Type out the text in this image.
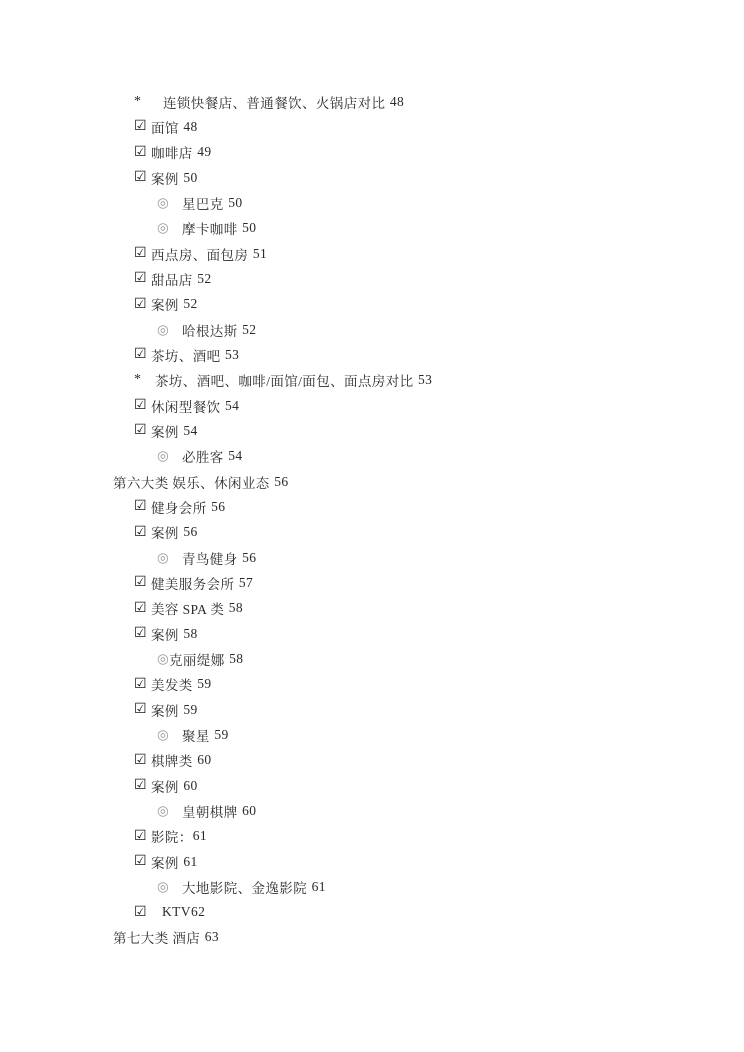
*	连锁快餐店、普通餐饮、火锅店对比 48
☑ 面馆 48
☑ 咖啡店 49
☑ 案例 50
◎ 星巴克 50
◎ 摩卡咖啡 50
☑ 西点房、面包房 51
☑ 甜品店 52
☑ 案例 52
◎ 哈根达斯 52
☑ 茶坊、酒吧 53
*	茶坊、酒吧、咖啡/面馆/面包、面点房对比 53
☑ 休闲型餐饮 54
☑ 案例 54
◎ 必胜客 54
第六大类 娱乐、休闲业态 56
☑ 健身会所 56
☑ 案例 56
◎ 青鸟健身 56
☑ 健美服务会所 57
☑ 美容 SPA 类 58
☑ 案例 58
◎ 克丽缇娜 58
☑ 美发类 59
☑ 案例 59
◎ 聚星 59
☑ 棋牌类 60
☑ 案例 60
◎ 皇朝棋牌 60
☑ 影院： 61
☑ 案例 61
◎ 大地影院、金逸影院 61
☑	KTV 62
第七大类 酒店 63
